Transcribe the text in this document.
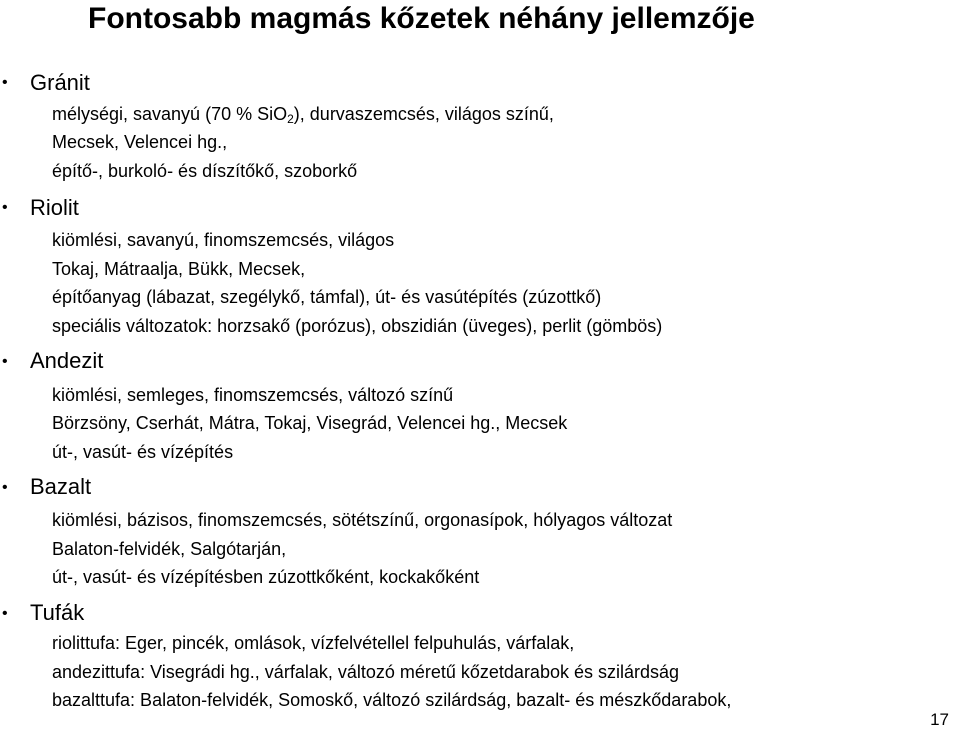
Fontosabb magmás kőzetek néhány jellemzője
• Gránit
mélységi, savanyú (70 % SiO$_2$), durvaszemcsés, világos színű,
Mecsek, Velencei hg.,
építő-, burkoló- és díszítőkő, szoborkő
• Riolit
kiömlési, savanyú, finomszemcsés, világos
Tokaj, Mátraalja, Bükk, Mecsek,
építőanyag (lábazat, szegélykő, támfal), út- és vasútépítés (zúzottkő)
speciális változatok: horzsakő (porózus), obszidián (üveges), perlit (gömbös)
• Andezit
kiömlési, semleges, finomszemcsés, változó színű
Börzsöny, Cserhát, Mátra, Tokaj, Visegrád, Velencei hg., Mecsek
út-, vasút- és vízépítés
• Bazalt
kiömlési, bázisos, finomszemcsés, sötétszínű, orgonasípok, hólyagos változat
Balaton-felvidék, Salgótarján,
út-, vasút- és vízépítésben zúzottkőként, kockakőként
• Tufák
riolittufa: Eger, pincék, omlások, vízfelvétellel felpuhulás, várfalak,
andezittufa: Visegrádi hg., várfalak, változó méretű kőzetdarabok és szilárdság
bazalttufa: Balaton-felvidék, Somoskő, változó szilárdság, bazalt- és mészkődarabok,
17
